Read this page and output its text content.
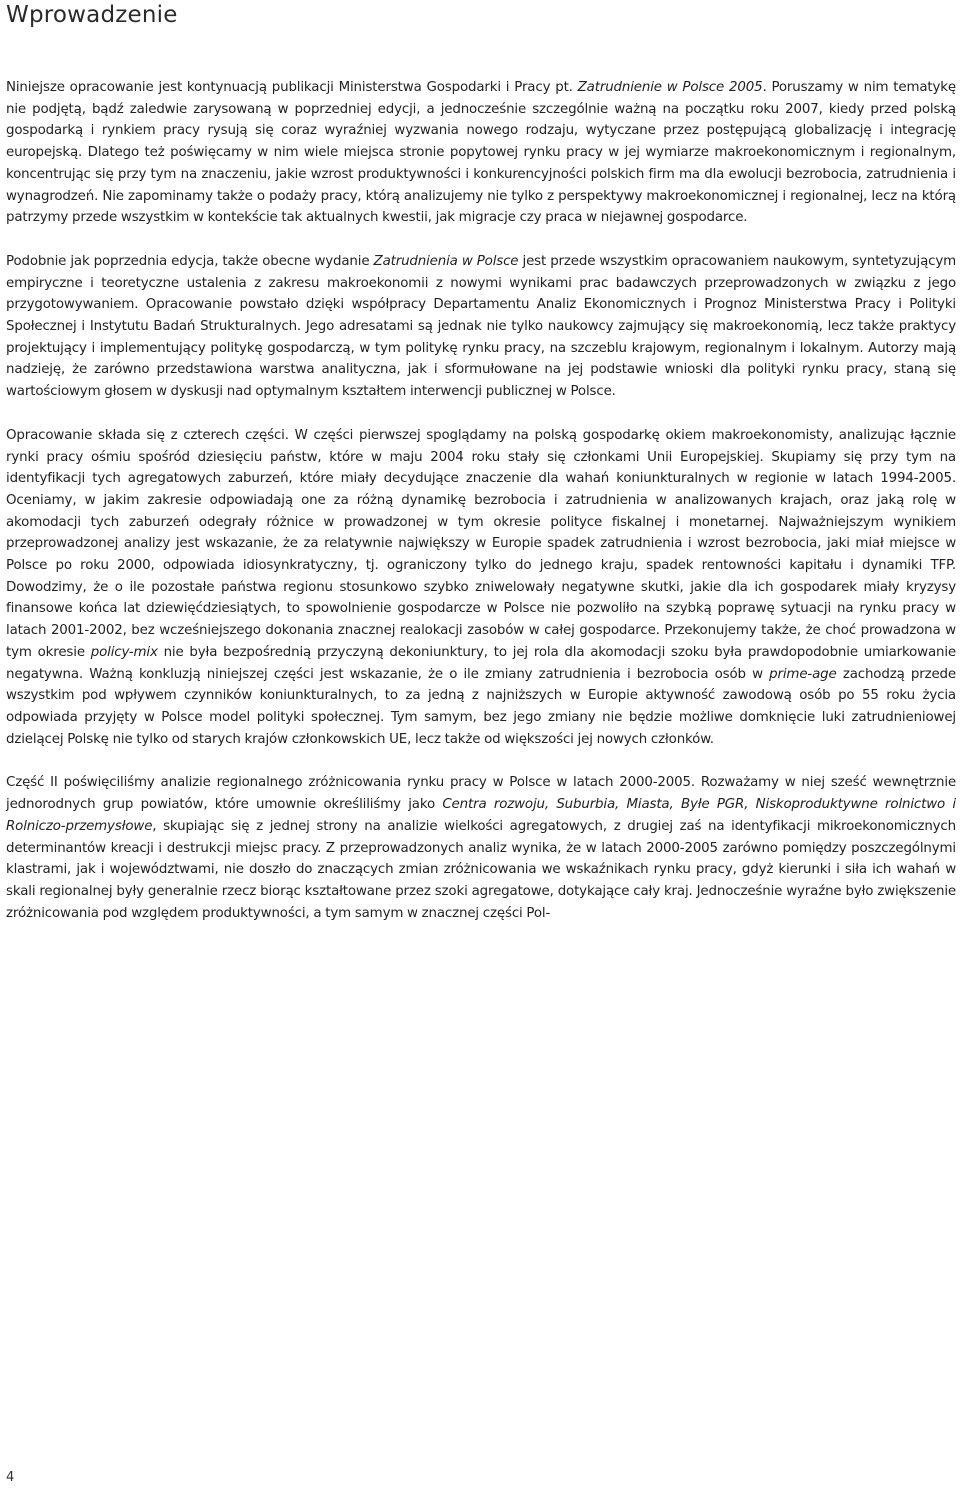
Wprowadzenie

Niniejsze opracowanie jest kontynuacją publikacji Ministerstwa Gospodarki i Pracy pt. Zatrudnienie w Polsce 2005. Poruszamy w nim tematykę nie podjętą, bądź zaledwie zarysowaną w poprzedniej edycji, a jednocześnie szczególnie ważną na początku roku 2007, kiedy przed polską gospodarką i rynkiem pracy rysują się coraz wyraźniej wyzwania nowego rodzaju, wytyczane przez postępującą globalizację i integrację europejską. Dlatego też poświęcamy w nim wiele miejsca stronie popytowej rynku pracy w jej wymiarze makroekonomicznym i regionalnym, koncentrując się przy tym na znaczeniu, jakie wzrost produktywności i konkurencyjności polskich firm ma dla ewolucji bezrobocia, zatrudnienia i wynagrodzeń. Nie zapominamy także o podaży pracy, którą analizujemy nie tylko z perspektywy makroekonomicznej i regionalnej, lecz na którą patrzymy przede wszystkim w kontekście tak aktualnych kwestii, jak migracje czy praca w niejawnej gospodarce.

Podobnie jak poprzednia edycja, także obecne wydanie Zatrudnienia w Polsce jest przede wszystkim opracowaniem naukowym, syntetyzującym empiryczne i teoretyczne ustalenia z zakresu makroekonomii z nowymi wynikami prac badawczych przeprowadzonych w związku z jego przygotowywaniem. Opracowanie powstało dzięki współpracy Departamentu Analiz Ekonomicznych i Prognoz Ministerstwa Pracy i Polityki Społecznej i Instytutu Badań Strukturalnych. Jego adresatami są jednak nie tylko naukowcy zajmujący się makroekonomią, lecz także praktycy projektujący i implementujący politykę gospodarczą, w tym politykę rynku pracy, na szczeblu krajowym, regionalnym i lokalnym. Autorzy mają nadzieję, że zarówno przedstawiona warstwa analityczna, jak i sformułowane na jej podstawie wnioski dla polityki rynku pracy, staną się wartościowym głosem w dyskusji nad optymalnym kształtem interwencji publicznej w Polsce.

Opracowanie składa się z czterech części. W części pierwszej spoglądamy na polską gospodarkę okiem makroekonomisty, analizując łącznie rynki pracy ośmiu spośród dziesięciu państw, które w maju 2004 roku stały się członkami Unii Europejskiej. Skupiamy się przy tym na identyfikacji tych agregatowych zaburzeń, które miały decydujące znaczenie dla wahań koniunkturalnych w regionie w latach 1994-2005. Oceniamy, w jakim zakresie odpowiadają one za różną dynamikę bezrobocia i zatrudnienia w analizowanych krajach, oraz jaką rolę w akomodacji tych zaburzeń odegrały różnice w prowadzonej w tym okresie polityce fiskalnej i monetarnej. Najważniejszym wynikiem przeprowadzonej analizy jest wskazanie, że za relatywnie największy w Europie spadek zatrudnienia i wzrost bezrobocia, jaki miał miejsce w Polsce po roku 2000, odpowiada idiosynkratyczny, tj. ograniczony tylko do jednego kraju, spadek rentowności kapitału i dynamiki TFP. Dowodzimy, że o ile pozostałe państwa regionu stosunkowo szybko zniwelowały negatywne skutki, jakie dla ich gospodarek miały kryzysy finansowe końca lat dziewięćdziesiątych, to spowolnienie gospodarcze w Polsce nie pozwoliło na szybką poprawę sytuacji na rynku pracy w latach 2001-2002, bez wcześniejszego dokonania znacznej realokacji zasobów w całej gospodarce. Przekonujemy także, że choć prowadzona w tym okresie policy-mix nie była bezpośrednią przyczyną dekoniunktury, to jej rola dla akomodacji szoku była prawdopodobnie umiarkowanie negatywna. Ważną konkluzją niniejszej części jest wskazanie, że o ile zmiany zatrudnienia i bezrobocia osób w prime-age zachodzą przede wszystkim pod wpływem czynników koniunkturalnych, to za jedną z najniższych w Europie aktywność zawodową osób po 55 roku życia odpowiada przyjęty w Polsce model polityki społecznej. Tym samym, bez jego zmiany nie będzie możliwe domknięcie luki zatrudnieniowej dzielącej Polskę nie tylko od starych krajów członkowskich UE, lecz także od większości jej nowych członków.

Część II poświęciliśmy analizie regionalnego zróżnicowania rynku pracy w Polsce w latach 2000-2005. Rozważamy w niej sześć wewnętrznie jednorodnych grup powiatów, które umownie określiliśmy jako Centra rozwoju, Suburbia, Miasta, Byłe PGR, Niskoproduktywne rolnictwo i Rolniczo-przemysłowe, skupiając się z jednej strony na analizie wielkości agregatowych, z drugiej zaś na identyfikacji mikroekonomicznych determinantów kreacji i destrukcji miejsc pracy. Z przeprowadzonych analiz wynika, że w latach 2000-2005 zarówno pomiędzy poszczególnymi klastrami, jak i województwami, nie doszło do znaczących zmian zróżnicowania we wskaźnikach rynku pracy, gdyż kierunki i siła ich wahań w skali regionalnej były generalnie rzecz biorąc kształtowane przez szoki agregatowe, dotykające cały kraj. Jednocześnie wyraźne było zwiększenie zróżnicowania pod względem produktywności, a tym samym w znacznej części Pol-

4
